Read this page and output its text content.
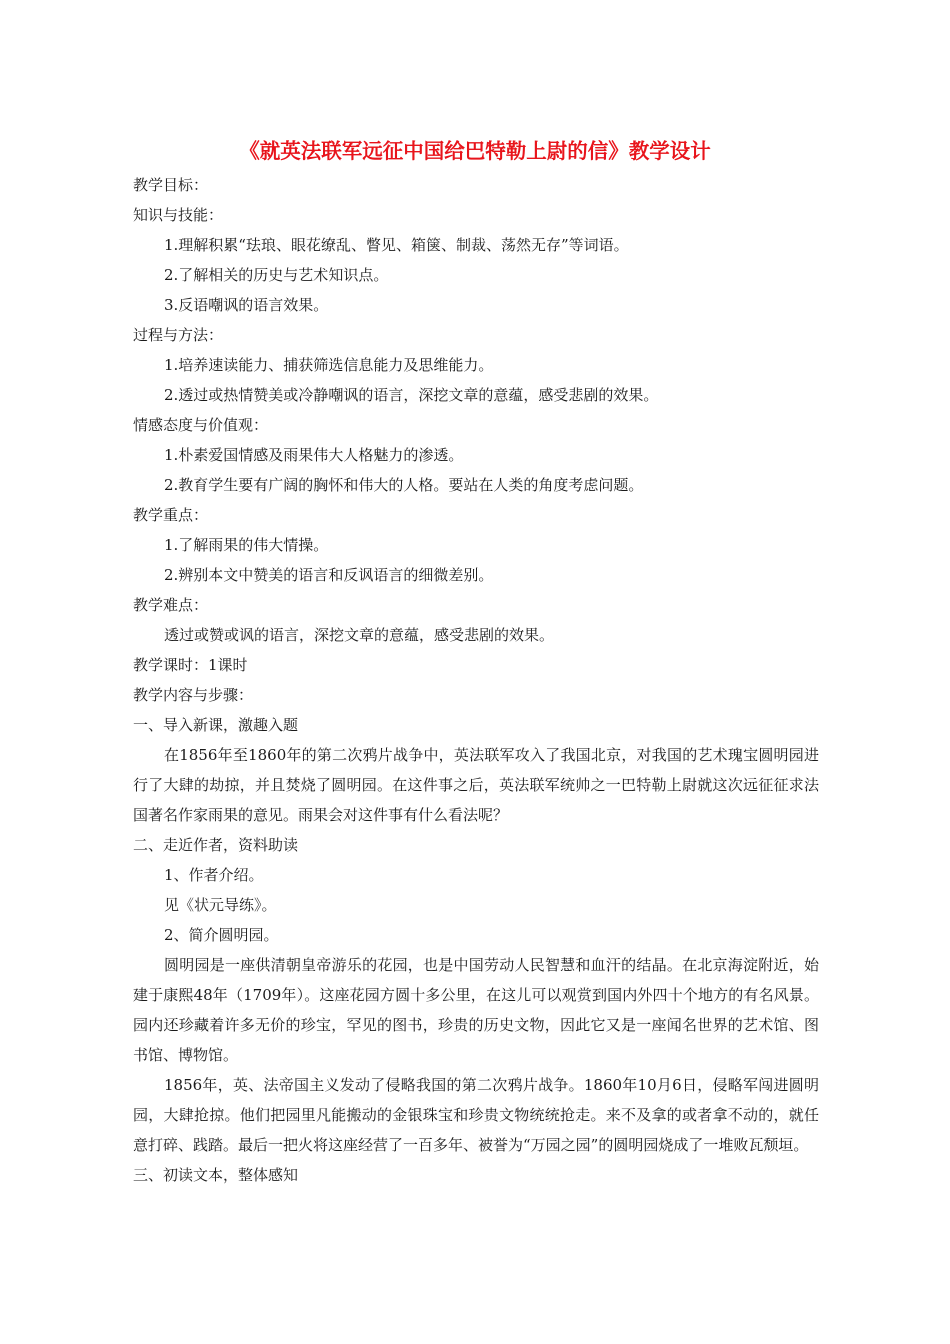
《就英法联军远征中国给巴特勒上尉的信》教学设计
教学目标：
知识与技能：
1.理解积累“珐琅、眼花缭乱、瞥见、箱箧、制裁、荡然无存”等词语。
2.了解相关的历史与艺术知识点。
3.反语嘲讽的语言效果。
过程与方法：
1.培养速读能力、捕获筛选信息能力及思维能力。
2.透过或热情赞美或冷静嘲讽的语言，深挖文章的意蕴，感受悲剧的效果。
情感态度与价值观：
1.朴素爱国情感及雨果伟大人格魅力的渗透。
2.教育学生要有广阔的胸怀和伟大的人格。要站在人类的角度考虑问题。
教学重点：
1.了解雨果的伟大情操。
2.辨别本文中赞美的语言和反讽语言的细微差别。
教学难点：
透过或赞或讽的语言，深挖文章的意蕴，感受悲剧的效果。
教学课时：1课时
教学内容与步骤：
一、导入新课，激趣入题
在1856年至1860年的第二次鸦片战争中，英法联军攻入了我国北京，对我国的艺术瑰宝圆明园进行了大肆的劫掠，并且焚烧了圆明园。在这件事之后，英法联军统帅之一巴特勒上尉就这次远征征求法国著名作家雨果的意见。雨果会对这件事有什么看法呢？
二、走近作者，资料助读
1、作者介绍。
见《状元导练》。
2、简介圆明园。
圆明园是一座供清朝皇帝游乐的花园，也是中国劳动人民智慧和血汗的结晶。在北京海淀附近，始建于康熙48年（1709年）。这座花园方圆十多公里，在这儿可以观赏到国内外四十个地方的有名风景。园内还珍藏着许多无价的珍宝，罕见的图书，珍贵的历史文物，因此它又是一座闻名世界的艺术馆、图书馆、博物馆。
1856年，英、法帝国主义发动了侵略我国的第二次鸦片战争。1860年10月6日，侵略军闯进圆明园，大肆抢掠。他们把园里凡能搬动的金银珠宝和珍贵文物统统抢走。来不及拿的或者拿不动的，就任意打碎、践踏。最后一把火将这座经营了一百多年、被誉为“万园之园”的圆明园烧成了一堆败瓦颓垣。
三、初读文本，整体感知
